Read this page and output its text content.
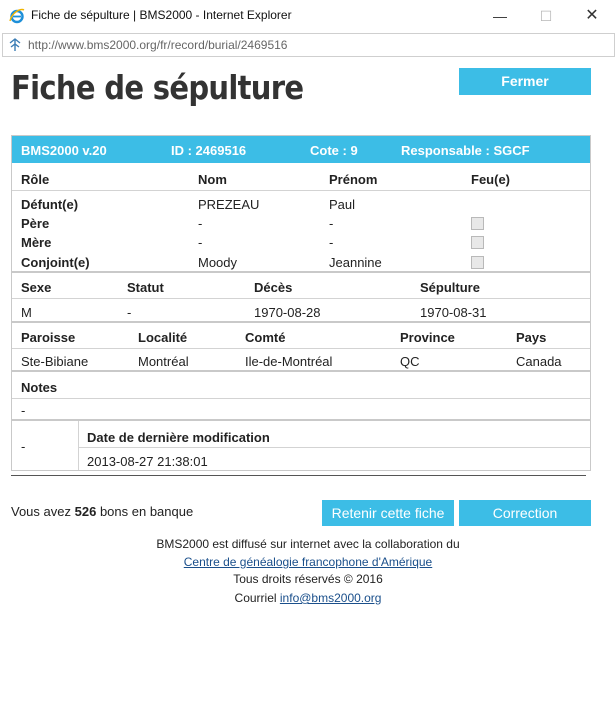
Fiche de sépulture | BMS2000 - Internet Explorer	—	☐	✕
http://www.bms2000.org/fr/record/burial/2469516
Fiche de sépulture	Fermer
BMS2000 v.20	ID : 2469516	Cote : 9	Responsable : SGCF
Rôle	Nom	Prénom	Feu(e)
Défunt(e)	PREZEAU	Paul
Père	-	-
Mère	-	-
Conjoint(e)	Moody	Jeannine
Sexe	Statut	Décès	Sépulture
M	-	1970-08-28	1970-08-31
Paroisse	Localité	Comté	Province	Pays
Ste-Bibiane	Montréal	Ile-de-Montréal	QC	Canada
Notes
-
-
Date de dernière modification
2013-08-27 21:38:01
Vous avez 526 bons en banque	Retenir cette fiche	Correction
BMS2000 est diffusé sur internet avec la collaboration du
Centre de généalogie francophone d'Amérique
Tous droits réservés © 2016
Courriel info@bms2000.org
